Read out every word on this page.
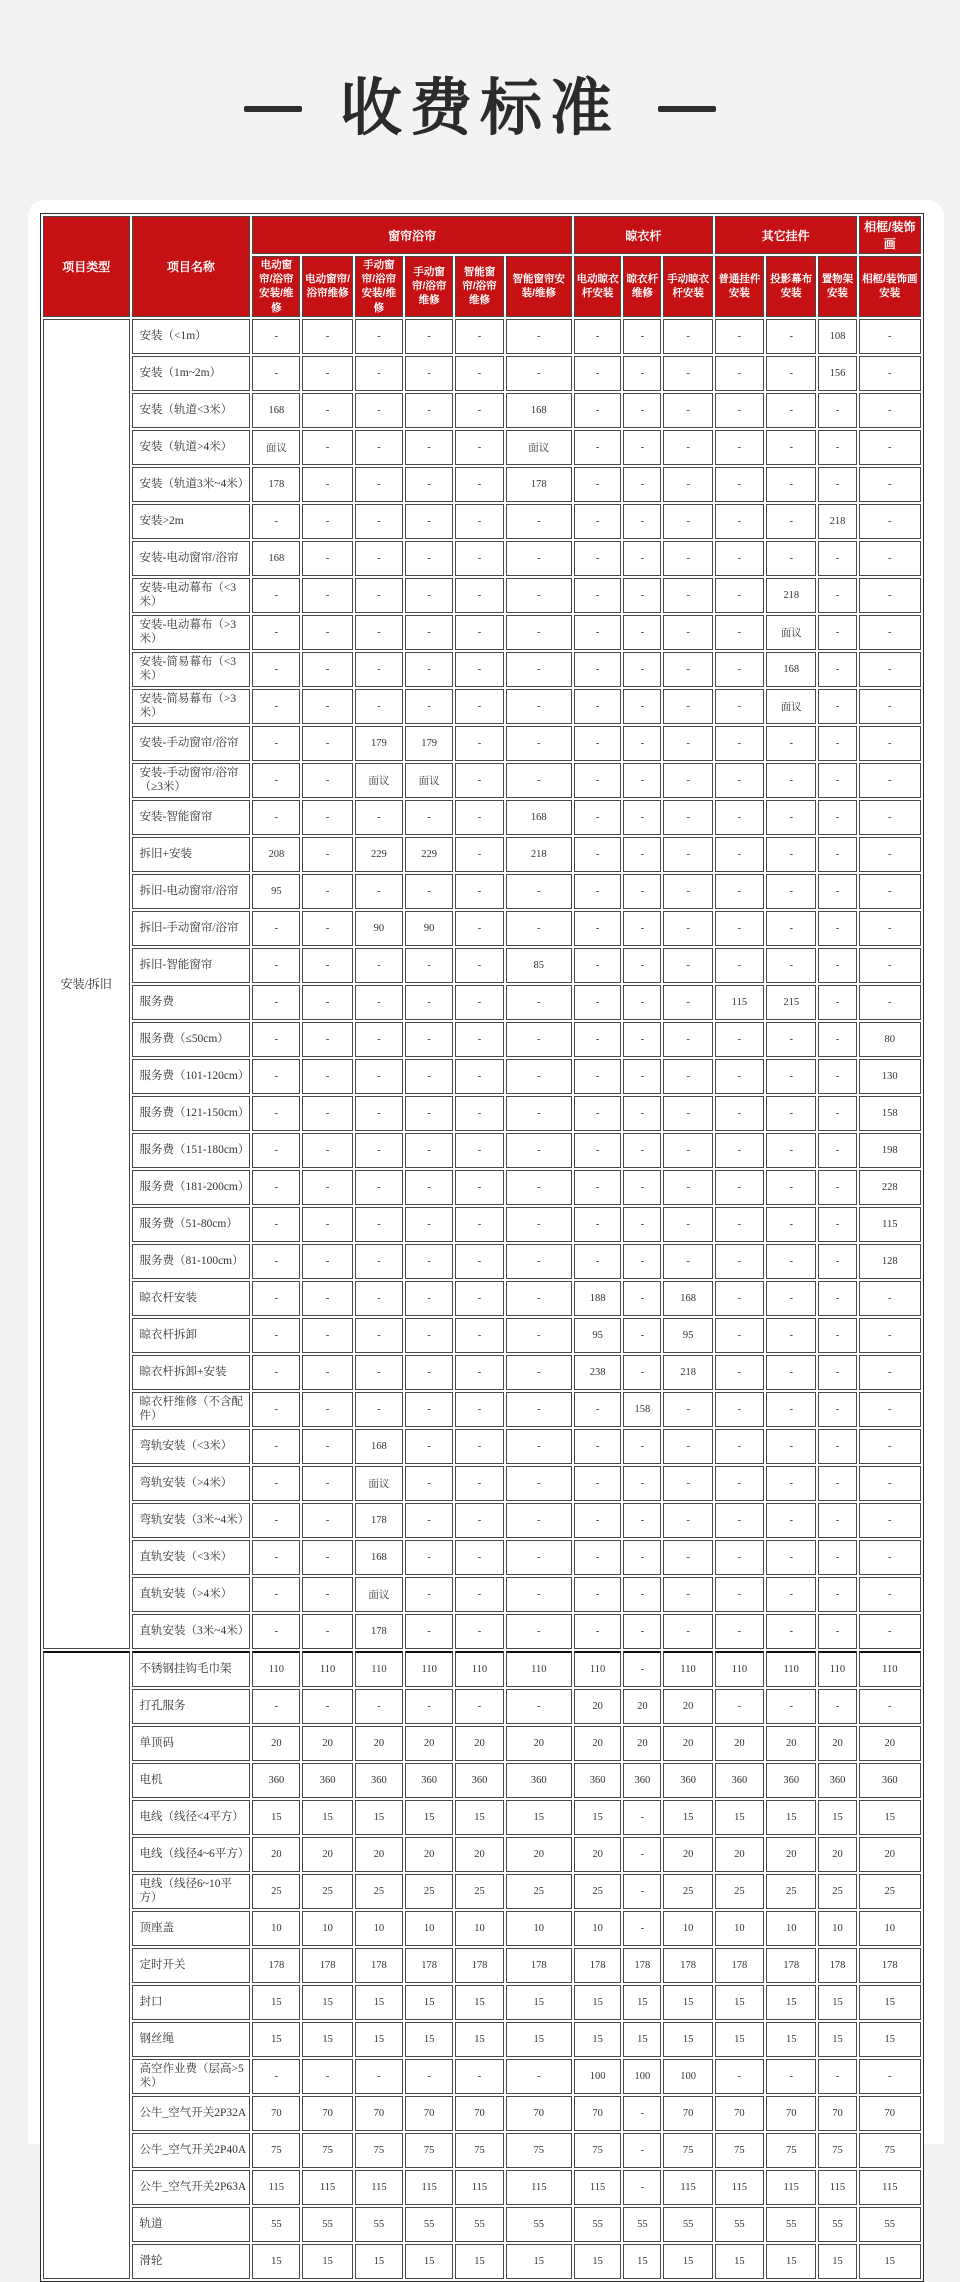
收费标准
项目类型	项目名称	窗帘浴帘						晾衣杆			其它挂件			相框/装饰画
		电动窗帘/浴帘安装/维修	电动窗帘/浴帘维修	手动窗帘/浴帘安装/维修	手动窗帘/浴帘维修	智能窗帘/浴帘维修	智能窗帘安装/维修	电动晾衣杆安装	晾衣杆维修	手动晾衣杆安装	普通挂件安装	投影幕布安装	置物架安装	相框/装饰画安装
安装/拆旧	安装（<1m）	-	-	-	-	-	-	-	-	-	-	-	108	-
	安装（1m~2m）	-	-	-	-	-	-	-	-	-	-	-	156	-
	安装（轨道<3米）	168	-	-	-	-	168	-	-	-	-	-	-	-
	安装（轨道>4米）	面议	-	-	-	-	面议	-	-	-	-	-	-	-
	安装（轨道3米~4米）	178	-	-	-	-	178	-	-	-	-	-	-	-
	安装>2m	-	-	-	-	-	-	-	-	-	-	-	218	-
	安装-电动窗帘/浴帘	168	-	-	-	-	-	-	-	-	-	-	-	-
	安装-电动幕布（<3米）	-	-	-	-	-	-	-	-	-	-	218	-	-
	安装-电动幕布（>3米）	-	-	-	-	-	-	-	-	-	-	面议	-	-
	安装-简易幕布（<3米）	-	-	-	-	-	-	-	-	-	-	168	-	-
	安装-简易幕布（>3米）	-	-	-	-	-	-	-	-	-	-	面议	-	-
	安装-手动窗帘/浴帘	-	-	179	179	-	-	-	-	-	-	-	-	-
	安装-手动窗帘/浴帘（≥3米）	-	-	面议	面议	-	-	-	-	-	-	-	-	-
	安装-智能窗帘	-	-	-	-	-	168	-	-	-	-	-	-	-
	拆旧+安装	208	-	229	229	-	218	-	-	-	-	-	-	-
	拆旧-电动窗帘/浴帘	95	-	-	-	-	-	-	-	-	-	-	-	-
	拆旧-手动窗帘/浴帘	-	-	90	90	-	-	-	-	-	-	-	-	-
	拆旧-智能窗帘	-	-	-	-	-	85	-	-	-	-	-	-	-
	服务费	-	-	-	-	-	-	-	-	-	115	215	-	-
	服务费（≤50cm）	-	-	-	-	-	-	-	-	-	-	-	-	80
	服务费（101-120cm）	-	-	-	-	-	-	-	-	-	-	-	-	130
	服务费（121-150cm）	-	-	-	-	-	-	-	-	-	-	-	-	158
	服务费（151-180cm）	-	-	-	-	-	-	-	-	-	-	-	-	198
	服务费（181-200cm）	-	-	-	-	-	-	-	-	-	-	-	-	228
	服务费（51-80cm）	-	-	-	-	-	-	-	-	-	-	-	-	115
	服务费（81-100cm）	-	-	-	-	-	-	-	-	-	-	-	-	128
	晾衣杆安装	-	-	-	-	-	-	188	-	168	-	-	-	-
	晾衣杆拆卸	-	-	-	-	-	-	95	-	95	-	-	-	-
	晾衣杆拆卸+安装	-	-	-	-	-	-	238	-	218	-	-	-	-
	晾衣杆维修（不含配件）	-	-	-	-	-	-	-	158	-	-	-	-	-
	弯轨安装（<3米）	-	-	168	-	-	-	-	-	-	-	-	-	-
	弯轨安装（>4米）	-	-	面议	-	-	-	-	-	-	-	-	-	-
	弯轨安装（3米~4米）	-	-	178	-	-	-	-	-	-	-	-	-	-
	直轨安装（<3米）	-	-	168	-	-	-	-	-	-	-	-	-	-
	直轨安装（>4米）	-	-	面议	-	-	-	-	-	-	-	-	-	-
	直轨安装（3米~4米）	-	-	178	-	-	-	-	-	-	-	-	-	-
	不锈钢挂钩毛巾架	110	110	110	110	110	110	110	-	110	110	110	110	110
	打孔服务	-	-	-	-	-	-	20	20	20	-	-	-	-
	单顶码	20	20	20	20	20	20	20	20	20	20	20	20	20
	电机	360	360	360	360	360	360	360	360	360	360	360	360	360
	电线（线径<4平方）	15	15	15	15	15	15	15	-	15	15	15	15	15
	电线（线径4~6平方）	20	20	20	20	20	20	20	-	20	20	20	20	20
	电线（线径6~10平方）	25	25	25	25	25	25	25	-	25	25	25	25	25
	顶座盖	10	10	10	10	10	10	10	-	10	10	10	10	10
	定时开关	178	178	178	178	178	178	178	178	178	178	178	178	178
	封口	15	15	15	15	15	15	15	15	15	15	15	15	15
	钢丝绳	15	15	15	15	15	15	15	15	15	15	15	15	15
	高空作业费（层高>5米）	-	-	-	-	-	-	100	100	100	-	-	-	-
	公牛_空气开关2P32A	70	70	70	70	70	70	70	-	70	70	70	70	70
	公牛_空气开关2P40A	75	75	75	75	75	75	75	-	75	75	75	75	75
	公牛_空气开关2P63A	115	115	115	115	115	115	115	-	115	115	115	115	115
	轨道	55	55	55	55	55	55	55	55	55	55	55	55	55
	滑轮	15	15	15	15	15	15	15	15	15	15	15	15	15
